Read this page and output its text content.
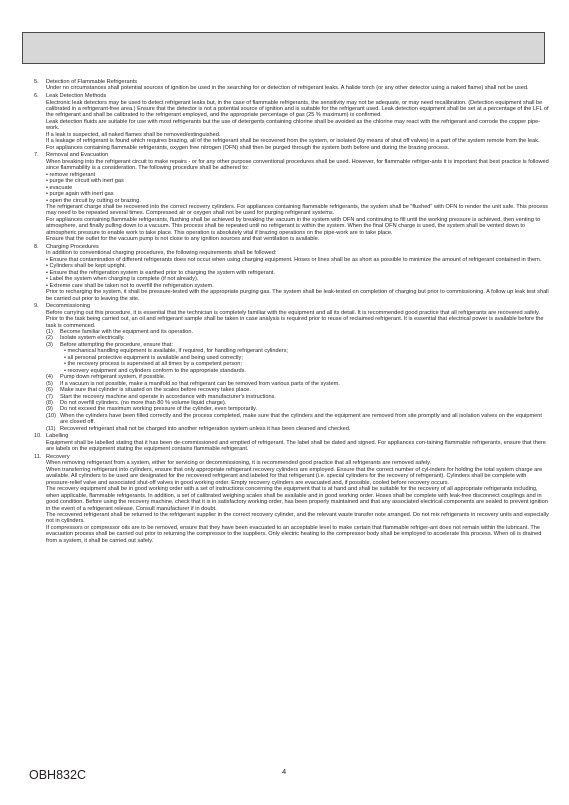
5. Detection of Flammable Refrigerants

Under no circumstances shall potential sources of ignition be used in the searching for or detection of refrigerant leaks. A halide torch (or any other detector using a naked flame) shall not be used.

6. Leak Detection Methods

Electronic leak detectors may be used to detect refrigerant leaks but, in the case of flammable refrigerants, the sensitivity may not be adequate, or may need recalibration. (Detection equipment shall be calibrated in a refrigerant-free area.) Ensure that the detector is not a potential source of ignition and is suitable for the refrigerant used. Leak detection equipment shall be set at a percentage of the LFL of the refrigerant and shall be calibrated to the refrigerant employed, and the appropriate percentage of gas (25 % maximum) is confirmed.

Leak detection fluids are suitable for use with most refrigerants but the use of detergents containing chlorine shall be avoided as the chlorine may react with the refrigerant and corrode the copper pipe-work.

If a leak is suspected, all naked flames shall be removed/extinguished.

If a leakage of refrigerant is found which requires brazing, all of the refrigerant shall be recovered from the system, or isolated (by means of shut off valves) in a part of the system remote from the leak. For appliances containing flammable refrigerants, oxygen free nitrogen (OFN) shall then be purged through the system both before and during the brazing process.

7. Removal and Evacuation

When breaking into the refrigerant circuit to make repairs - or for any other purpose conventional procedures shall be used. However, for flammable refriger-ants it is important that best practice is followed since flammability is a consideration. The following procedure shall be adhered to:

• remove refrigerant
• purge the circuit with inert gas
• evacuate
• purge again with inert gas
• open the circuit by cutting or brazing.

The refrigerant charge shall be recovered into the correct recovery cylinders. For appliances containing flammable refrigerants, the system shall be "flushed" with OFN to render the unit safe. This process may need to be repeated several times. Compressed air or oxygen shall not be used for purging refrigerant systems.

For appliances containing flammable refrigerants, flushing shall be achieved by breaking the vacuum in the system with OFN and continuing to fill until the working pressure is achieved, then venting to atmosphere, and finally pulling down to a vacuum. This process shall be repeated until no refrigerant is within the system. When the final OFN charge is used, the system shall be vented down to atmospheric pressure to enable work to take place. This operation is absolutely vital if brazing operations on the pipe-work are to take place.

Ensure that the outlet for the vacuum pump is not close to any ignition sources and that ventilation is available.

8. Charging Procedures

In addition to conventional charging procedures, the following requirements shall be followed:

• Ensure that contamination of different refrigerants does not occur when using charging equipment. Hoses or lines shall be as short as possible to minimize the amount of refrigerant contained in them.
• Cylinders shall be kept upright.
• Ensure that the refrigeration system is earthed prior to charging the system with refrigerant.
• Label the system when charging is complete (if not already).
• Extreme care shall be taken not to overfill the refrigeration system.

Prior to recharging the system, it shall be pressure-tested with the appropriate purging gas. The system shall be leak-tested on completion of charging but prior to commissioning. A follow up leak test shall be carried out prior to leaving the site.

9. Decommissioning

Before carrying out this procedure, it is essential that the technician is completely familiar with the equipment and all its detail. It is recommended good practice that all refrigerants are recovered safely. Prior to the task being carried out, an oil and refrigerant sample shall be taken in case analysis is required prior to reuse of reclaimed refrigerant. It is essential that electrical power is available before the task is commenced.

(1) Become familiar with the equipment and its operation.
(2) Isolate system electrically.
(3) Before attempting the procedure, ensure that:
• mechanical handling equipment is available, if required, for handling refrigerant cylinders;
• all personal protective equipment is available and being used correctly;
• the recovery process is supervised at all times by a competent person;
• recovery equipment and cylinders conform to the appropriate standards.
(4) Pump down refrigerant system, if possible.
(5) If a vacuum is not possible, make a manifold so that refrigerant can be removed from various parts of the system.
(6) Make sure that cylinder is situated on the scales before recovery takes place.
(7) Start the recovery machine and operate in accordance with manufacturer's instructions.
(8) Do not overfill cylinders. (no more than 80 % volume liquid charge).
(9) Do not exceed the maximum working pressure of the cylinder, even temporarily.
(10) When the cylinders have been filled correctly and the process completed, make sure that the cylinders and the equipment are removed from site promptly and all isolation valves on the equipment are closed off.
(11) Recovered refrigerant shall not be charged into another refrigeration system unless it has been cleaned and checked.
10. Labelling

Equipment shall be labelled stating that it has been de-commissioned and emptied of refrigerant. The label shall be dated and signed. For appliances con-taining flammable refrigerants, ensure that there are labels on the equipment stating the equipment contains flammable refrigerant.

11. Recovery

When removing refrigerant from a system, either for servicing or decommissioning, it is recommended good practice that all refrigerants are removed safely.

When transferring refrigerant into cylinders, ensure that only appropriate refrigerant recovery cylinders are employed. Ensure that the correct number of cyl-inders for holding the total system charge are available. All cylinders to be used are designated for the recovered refrigerant and labeled for that refrigerant (i.e. special cylinders for the recovery of refrigerant). Cylinders shall be complete with pressure-relief valve and associated shut-off valves in good working order. Empty recovery cylinders are evacuated and, if possible, cooled before recovery occurs.

The recovery equipment shall be in good working order with a set of instructions concerning the equipment that is at hand and shall be suitable for the recovery of all appropriate refrigerants including, when applicable, flammable refrigerants. In addition, a set of calibrated weighing scales shall be available and in good working order. Hoses shall be complete with leak-free disconnect couplings and in good condition. Before using the recovery machine, check that it is in satisfactory working order, has been properly maintained and that any associated electrical components are sealed to prevent ignition in the event of a refrigerant release. Consult manufacturer if in doubt.

The recovered refrigerant shall be returned to the refrigerant supplier in the correct recovery cylinder, and the relevant waste transfer note arranged. Do not mix refrigerants in recovery units and especially not in cylinders.

If compressors or compressor oils are to be removed, ensure that they have been evacuated to an acceptable level to make certain that flammable refriger-ant does not remain within the lubricant. The evacuation process shall be carried out prior to returning the compressor to the suppliers. Only electric heating to the compressor body shall be employed to accelerate this process. When oil is drained from a system, it shall be carried out safely.

OBH832C	4
